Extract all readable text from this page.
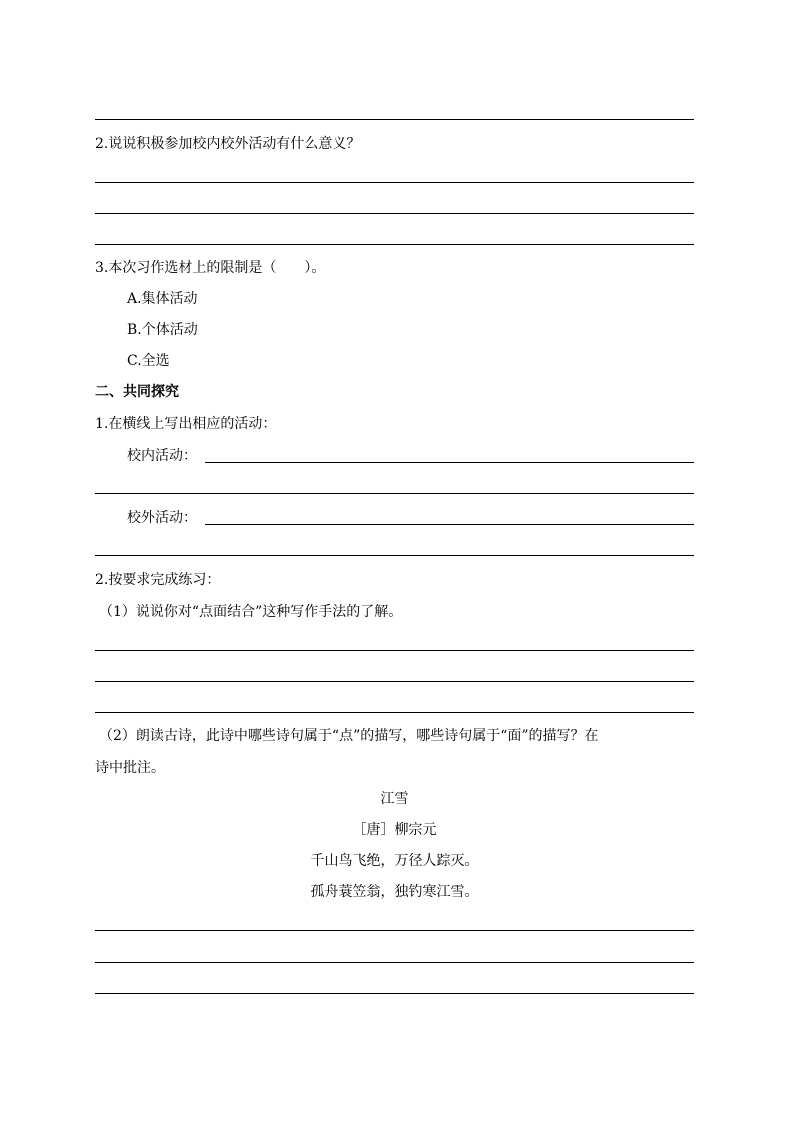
2.说说积极参加校内校外活动有什么意义？
3.本次习作选材上的限制是（　　）。
A.集体活动
B.个体活动
C.全选
二、共同探究
1.在横线上写出相应的活动：
校内活动：
校外活动：
2.按要求完成练习：
（1）说说你对“点面结合”这种写作手法的了解。
（2）朗读古诗，此诗中哪些诗句属于“点”的描写，哪些诗句属于“面”的描写？在
诗中批注。
江雪
［唐］柳宗元
千山鸟飞绝，万径人踪灭。
孤舟蓑笠翁，独钓寒江雪。
